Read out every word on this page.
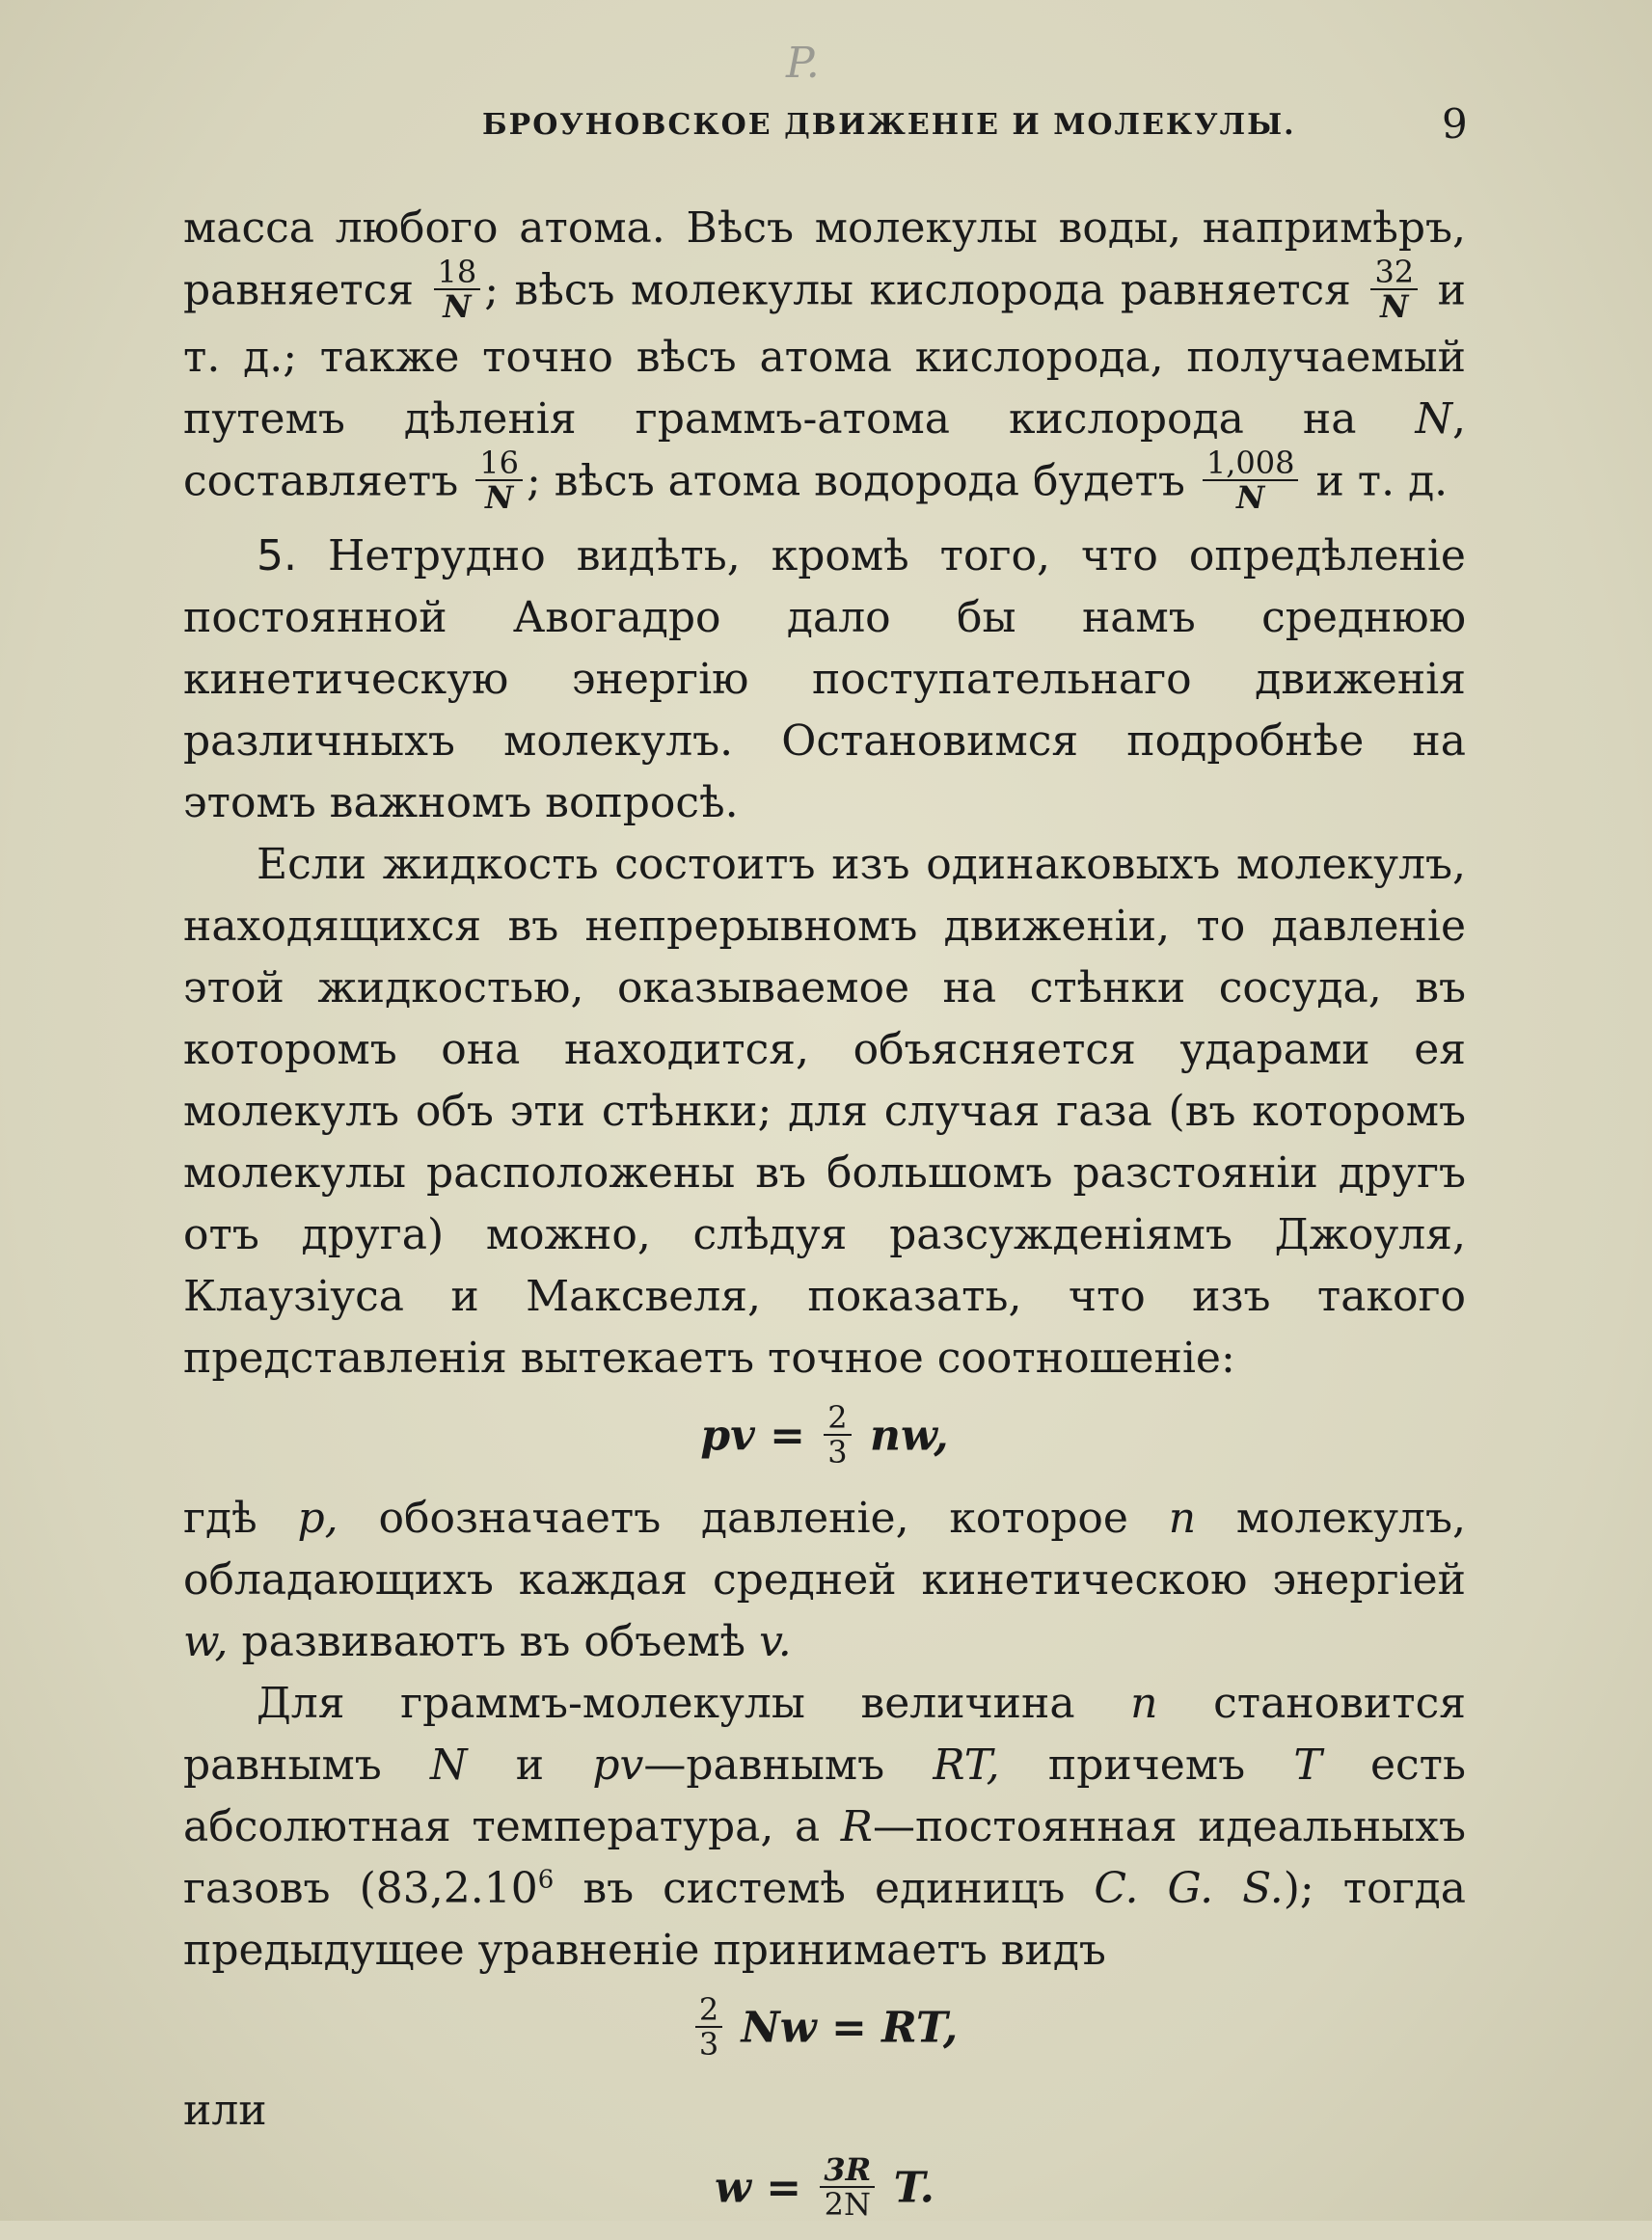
P.
БРОУНОВСКОЕ ДВИЖЕНІЕ И МОЛЕКУЛЫ.	9

масса любого атома. Вѣсъ молекулы воды, напримѣръ, равняется $\frac{18}{N}$ ; вѣсъ молекулы кислорода равняется $\frac{32}{N}$ и т. д.; также точно вѣсъ атома кислорода, получаемый путемъ дѣленія граммъ-атома кислорода на N, составляетъ $\frac{16}{N}$ ; вѣсъ атома водорода будетъ $\frac{1,008}{N}$ и т. д.

5. Нетрудно видѣть, кромѣ того, что опредѣленіе постоянной Авогадро дало бы намъ среднюю кинетическую энергію поступательнаго движенія различныхъ молекулъ. Остановимся подробнѣе на этомъ важномъ вопросѣ.

Если жидкость состоитъ изъ одинаковыхъ молекулъ, находящихся въ непрерывномъ движеніи, то давленіе этой жидкостью, оказываемое на стѣнки сосуда, въ которомъ она находится, объясняется ударами ея молекулъ объ эти стѣнки; для случая газа (въ которомъ молекулы расположены въ большомъ разстояніи другъ отъ друга) можно, слѣдуя разсужденіямъ Джоуля, Клаузіуса и Максвеля, показать, что изъ такого представленія вытекаетъ точное соотношеніе:

pv = $\frac{2}{3}$ nw,

гдѣ p, обозначаетъ давленіе, которое n молекулъ, обладающихъ каждая средней кинетическою энергіей w, развиваютъ въ объемѣ v.

Для граммъ-молекулы величина n становится равнымъ N и pv—равнымъ RT, причемъ T есть абсолютная температура, а R—постоянная идеальныхъ газовъ (83,2.10$^6$ въ системѣ единицъ C. G. S.); тогда предыдущее уравненіе принимаетъ видъ

$\frac{2}{3}$ Nw = RT,

или

$w = \frac{3R}{2N} T$.
